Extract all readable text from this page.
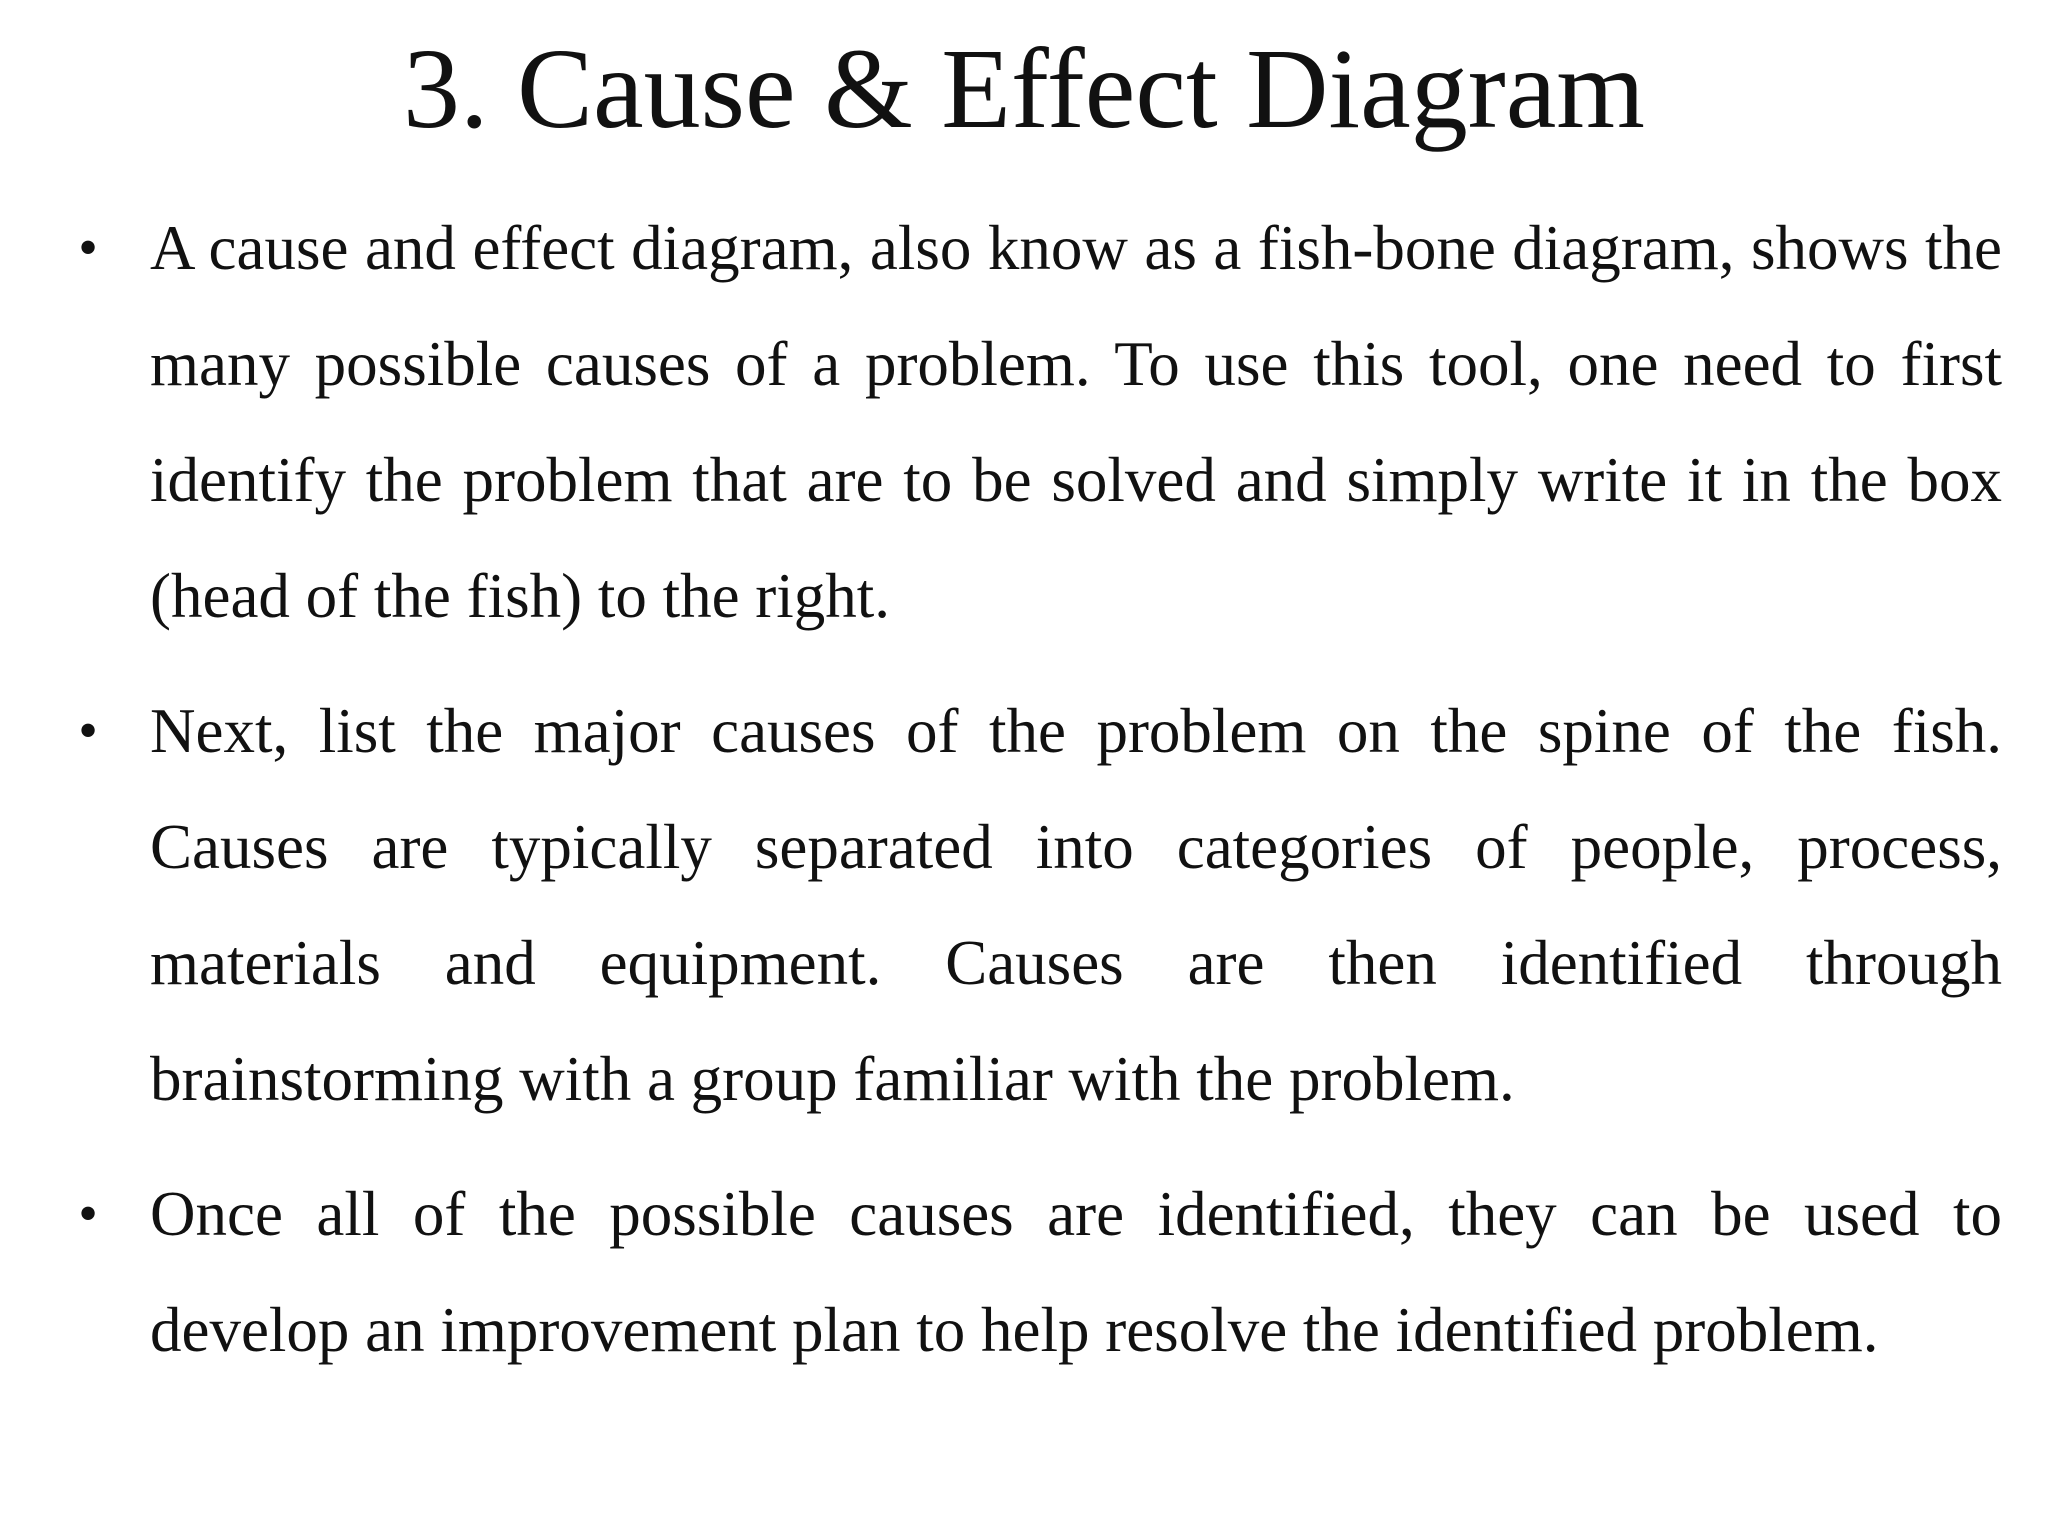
3. Cause & Effect Diagram
• A cause and effect diagram, also know as a fish-bone diagram, shows the many possible causes of a problem. To use this tool, one need to first identify the problem that are to be solved and simply write it in the box (head of the fish) to the right.
• Next, list the major causes of the problem on the spine of the fish. Causes are typically separated into categories of people, process, materials and equipment. Causes are then identified through brainstorming with a group familiar with the problem.
• Once all of the possible causes are identified, they can be used to develop an improvement plan to help resolve the identified problem.
